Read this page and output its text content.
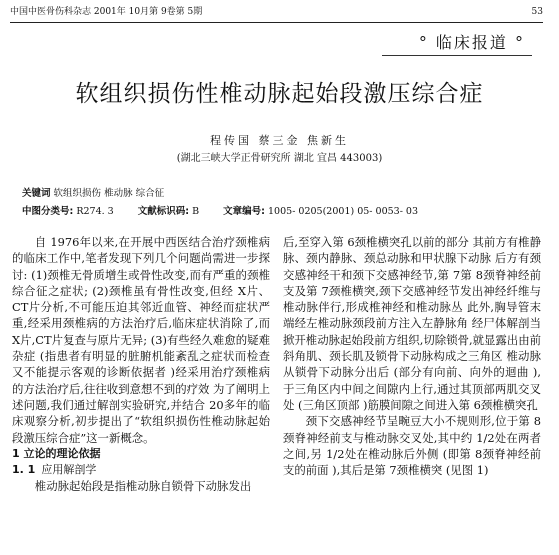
中国中医骨伤科杂志 2001年 10月第 9卷第 5期	53
° 临床报道 °
软组织损伤性椎动脉起始段激压综合症
程传国 蔡三金 焦新生
(湖北三峡大学正骨研究所 湖北 宜昌 443003)
关键词 软组织损伤 椎动脉 综合征
中图分类号: R274. 3	文献标识码: B	文章编号: 1005- 0205(2001) 05- 0053- 03

自 1976年以来,在开展中西医结合治疗颈椎病的临床工作中,笔者发现下列几个问题尚需进一步探讨: (1)颈椎无骨质增生或骨性改变,而有严重的颈椎综合征之症状; (2)颈椎虽有骨性改变,但经 X片、CT片分析,不可能压迫其邻近血管、神经而症状严重,经采用颈椎病的方法治疗后,临床症状消除了,而 X片,CT片复查与原片无异; (3)有些经久难愈的疑难杂症 (指患者有明显的脏腑机能紊乱之症状而检查又不能提示客观的诊断依据者 )经采用治疗颈椎病的方法治疗后,往往收到意想不到的疗效 为了阐明上述问题,我们通过解剖实验研究,并结合 20多年的临床观察分析,初步提出了“软组织损伤性椎动脉起始段激压综合症”这一新概念。

1 立论的理论依据

1. 1 应用解剖学

椎动脉起始段是指椎动脉自锁骨下动脉发出

后,至穿入第 6颈椎横突孔以前的部分 其前方有椎静脉、颈内静脉、颈总动脉和甲状腺下动脉 后方有颈交感神经干和颈下交感神经节,第 7第 8颈脊神经前支及第 7颈椎横突,颈下交感神经节发出神经纤维与椎动脉伴行,形成椎神经和椎动脉丛 此外,胸导管末端经左椎动脉颈段前方注入左静脉角 经尸体解剖当掀开椎动脉起始段前方组织,切除锁骨,就显露出由前斜角肌、颈长肌及锁骨下动脉构成之三角区 椎动脉从锁骨下动脉分出后 (部分有向前、向外的迴曲 ),于三角区内中间之间隙内上行,通过其顶部两肌交叉处 (三角区顶部 )筋膜间隙之间进入第 6颈椎横突孔

颈下交感神经节呈畹豆大小不规则形,位于第 8颈脊神经前支与椎动脉交叉处,其中约 1/2处在两者之间,另 1/2处在椎动脉后外侧 (即第 8颈脊神经前支的前面 ),其后是第 7颈椎横突 (见图 1)
